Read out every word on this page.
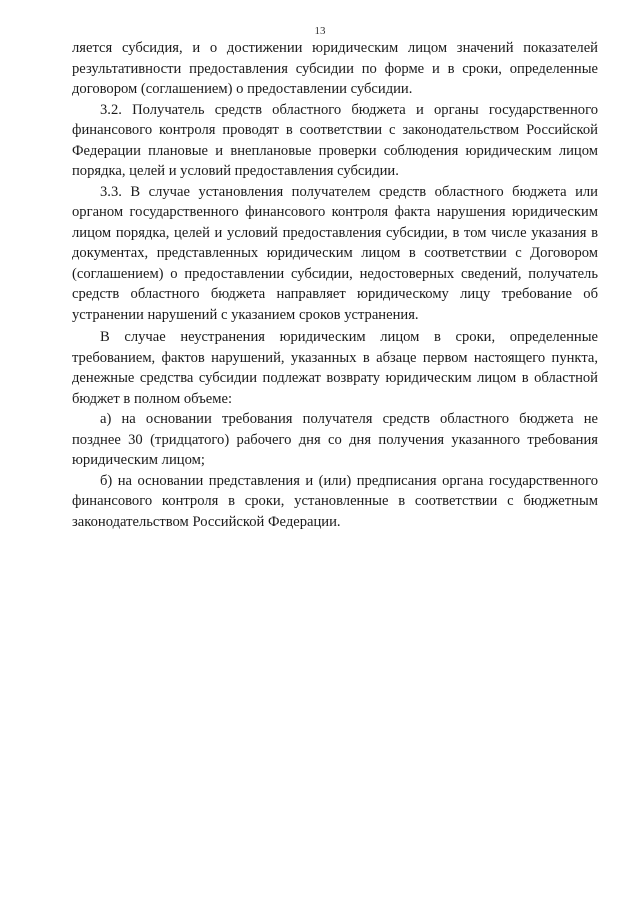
13

ляется субсидия, и о достижении юридическим лицом значений показателей результативности предоставления субсидии по форме и в сроки, определенные договором (соглашением) о предоставлении субсидии.

3.2. Получатель средств областного бюджета и органы государственного финансового контроля проводят в соответствии с законодательством Российской Федерации плановые и внеплановые проверки соблюдения юридическим лицом порядка, целей и условий предоставления субсидии.

3.3. В случае установления получателем средств областного бюджета или органом государственного финансового контроля факта нарушения юридическим лицом порядка, целей и условий предоставления субсидии, в том числе указания в документах, представленных юридическим лицом в соответствии с Договором (соглашением) о предоставлении субсидии, недостоверных сведений, получатель средств областного бюджета направляет юридическому лицу требование об устранении нарушений с указанием сроков устранения.

В случае неустранения юридическим лицом в сроки, определенные требованием, фактов нарушений, указанных в абзаце первом настоящего пункта, денежные средства субсидии подлежат возврату юридическим лицом в областной бюджет в полном объеме:

а) на основании требования получателя средств областного бюджета не позднее 30 (тридцатого) рабочего дня со дня получения указанного требования юридическим лицом;

б) на основании представления и (или) предписания органа государственного финансового контроля в сроки, установленные в соответствии с бюджетным законодательством Российской Федерации.
